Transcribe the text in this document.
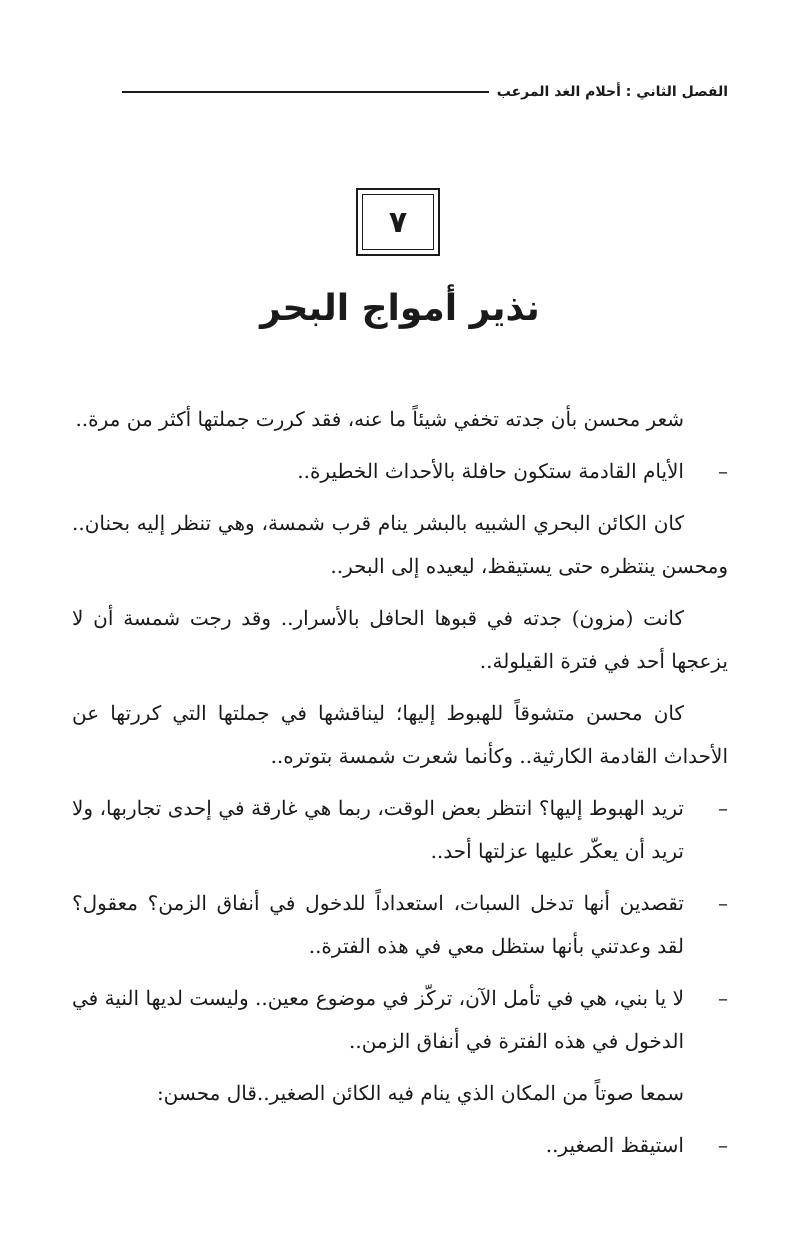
الفصل الثاني : أحلام الغد المرعب
٧
نذير أمواج البحر

شعر محسن بأن جدته تخفي شيئاً ما عنه، فقد كررت جملتها أكثر من مرة..

–
الأيام القادمة ستكون حافلة بالأحداث الخطيرة..

كان الكائن البحري الشبيه بالبشر ينام قرب شمسة، وهي تنظر إليه بحنان.. ومحسن ينتظره حتى يستيقظ، ليعيده إلى البحر..

كانت (مزون) جدته في قبوها الحافل بالأسرار.. وقد رجت شمسة أن لا يزعجها أحد في فترة القيلولة..

كان محسن متشوقاً للهبوط إليها؛ ليناقشها في جملتها التي كررتها عن الأحداث القادمة الكارثية.. وكأنما شعرت شمسة بتوتره..

–
تريد الهبوط إليها؟ انتظر بعض الوقت، ربما هي غارقة في إحدى تجاربها، ولا تريد أن يعكّر عليها عزلتها أحد..

–
تقصدين أنها تدخل السبات، استعداداً للدخول في أنفاق الزمن؟ معقول؟ لقد وعدتني بأنها ستظل معي في هذه الفترة..

–
لا يا بني، هي في تأمل الآن، تركّز في موضوع معين.. وليست لديها النية في الدخول في هذه الفترة في أنفاق الزمن..

سمعا صوتاً من المكان الذي ينام فيه الكائن الصغير..قال محسن:

–
استيقظ الصغير..
